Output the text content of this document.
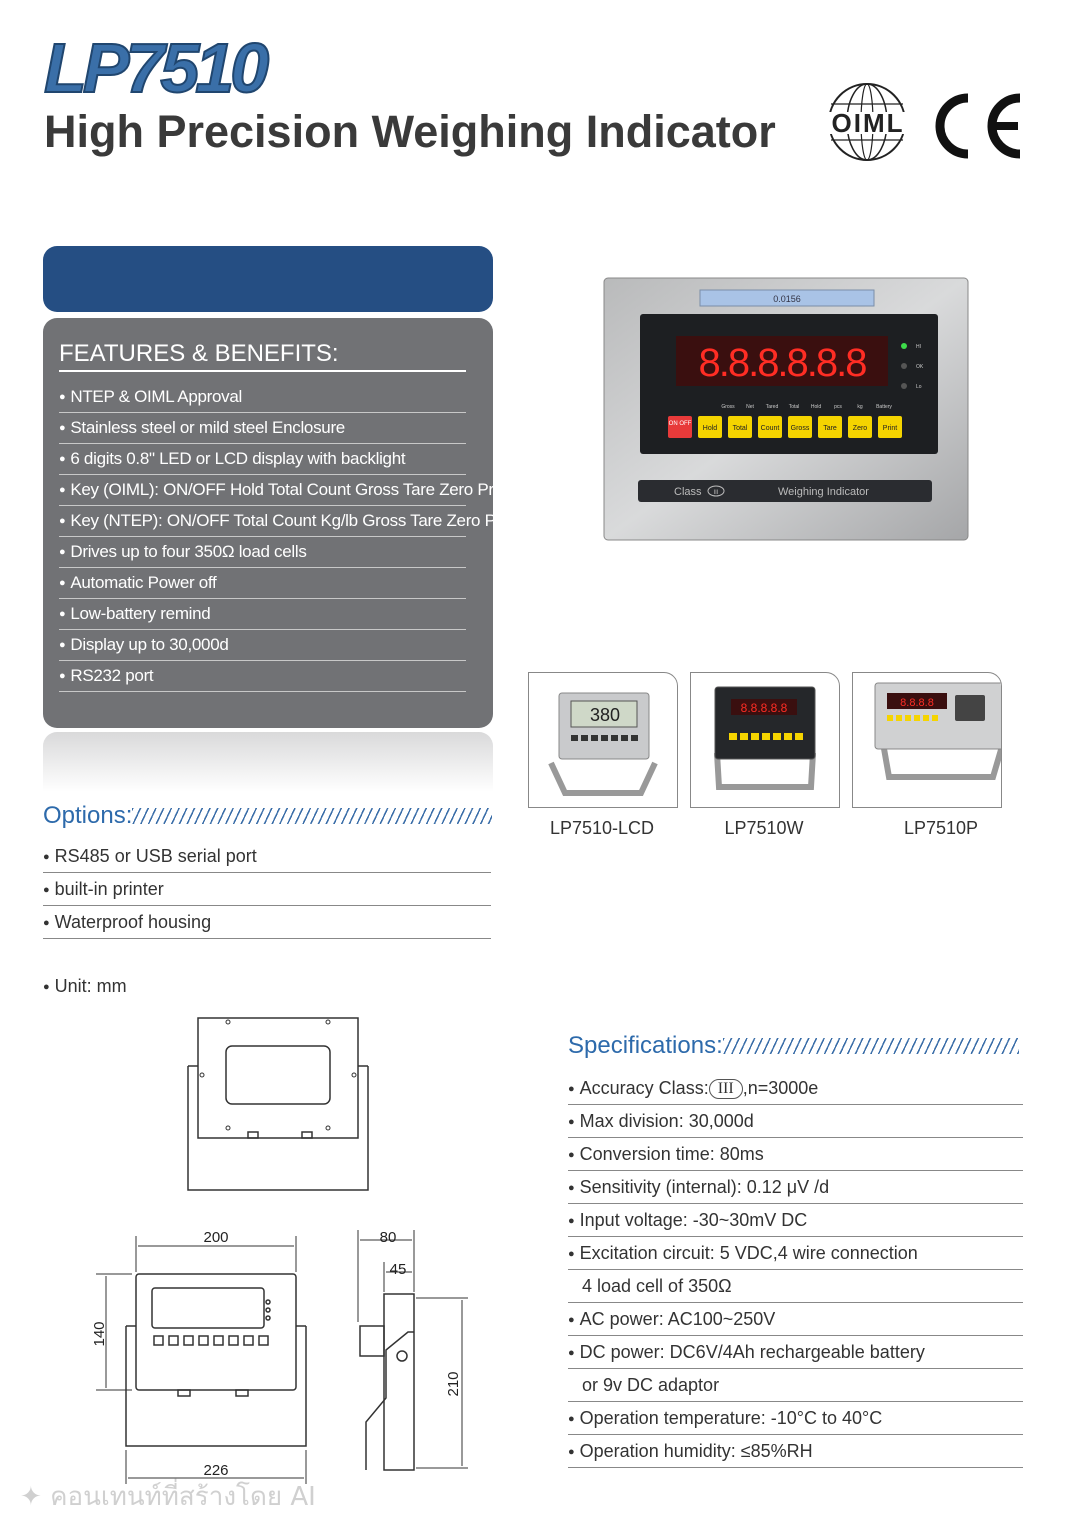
LP7510
High Precision Weighing Indicator OIML
FEATURES & BENEFITS:
● NTEP & OIML Approval
● Stainless steel or mild steel Enclosure
● 6 digits 0.8" LED or LCD display with backlight
● Key (OIML): ON/OFF Hold Total Count Gross Tare Zero Print
● Key (NTEP): ON/OFF Total Count Kg/lb Gross Tare Zero Print
● Drives up to four 350Ω load cells
● Automatic Power off
● Low-battery remind
● Display up to 30,000d
● RS232 port
Options:
● RS485 or USB serial port
● built-in printer
● Waterproof housing
● Unit: mm
0.0156
8.8.8.8.8.8	HI
OK
Lo
Gross Net Tared Total Hold	pcs	kg	Battery
ON OFF
Hold Total Count Gross Tare Zero Print
Class III	Weighing Indicator
380	8.8.8.8.8	8.8.8.8
LP7510-LCD	LP7510W	LP7510P
200
140
226
80
45
210
Specifications:
● Accuracy Class: III ,n=3000e
● Max division: 30,000d
● Conversion time: 80ms
● Sensitivity (internal): 0.12 μV /d
● Input voltage: -30~30mV DC
● Excitation circuit: 5 VDC,4 wire connection
4 load cell of 350Ω
● AC power: AC100~250V
● DC power: DC6V/4Ah rechargeable battery
or 9v DC adaptor
● Operation temperature: -10°C to 40°C
● Operation humidity: ≤85%RH
✦ คอนเทนท์ที่สร้างโดย AI
